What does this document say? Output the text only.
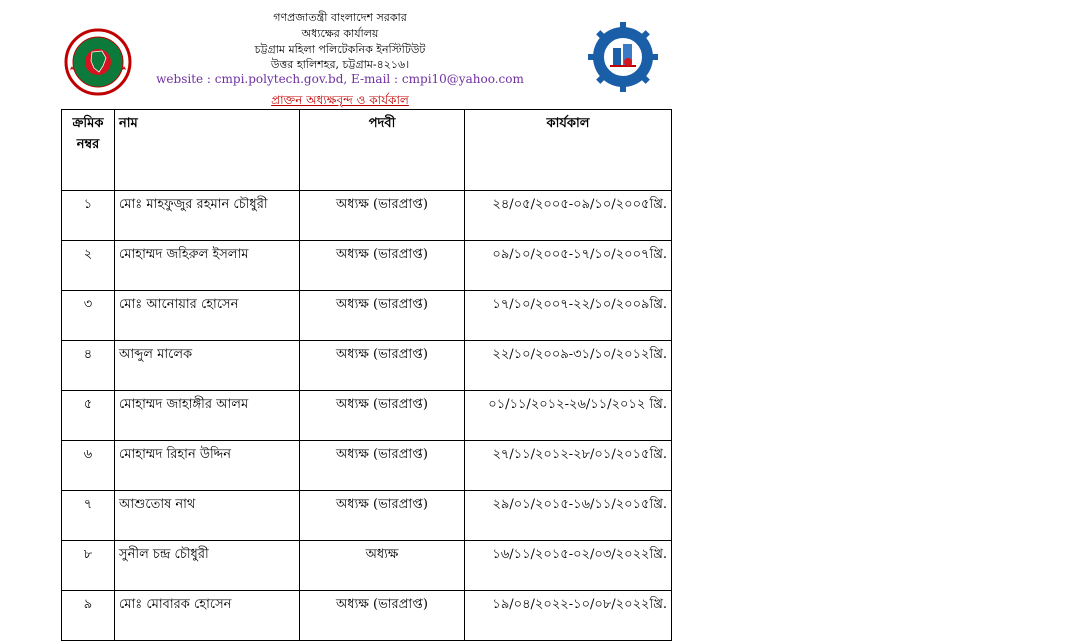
গণপ্রজাতন্ত্রী বাংলাদেশ সরকার
অধ্যক্ষের কার্যালয়
চট্টগ্রাম মহিলা পলিটেকনিক ইনস্টিটিউট
উত্তর হালিশহর, চট্টগ্রাম-৪২১৬।
website : cmpi.polytech.gov.bd, E-mail : cmpi10@yahoo.com
প্রাক্তন অধ্যক্ষবৃন্দ ও কার্যকাল
ক্রমিক নম্বর	নাম	পদবী	কার্যকাল
১	মোঃ মাহফুজুর রহমান চৌধুরী	অধ্যক্ষ (ভারপ্রাপ্ত)	২৪/০৫/২০০৫-০৯/১০/২০০৫খ্রি.
২	মোহাম্মদ জহিরুল ইসলাম	অধ্যক্ষ (ভারপ্রাপ্ত)	০৯/১০/২০০৫-১৭/১০/২০০৭খ্রি.
৩	মোঃ আনোয়ার হোসেন	অধ্যক্ষ (ভারপ্রাপ্ত)	১৭/১০/২০০৭-২২/১০/২০০৯খ্রি.
৪	আব্দুল মালেক	অধ্যক্ষ (ভারপ্রাপ্ত)	২২/১০/২০০৯-৩১/১০/২০১২খ্রি.
৫	মোহাম্মদ জাহাঙ্গীর আলম	অধ্যক্ষ (ভারপ্রাপ্ত)	০১/১১/২০১২-২৬/১১/২০১২ খ্রি.
৬	মোহাম্মদ রিহান উদ্দিন	অধ্যক্ষ (ভারপ্রাপ্ত)	২৭/১১/২০১২-২৮/০১/২০১৫খ্রি.
৭	আশুতোষ নাথ	অধ্যক্ষ (ভারপ্রাপ্ত)	২৯/০১/২০১৫-১৬/১১/২০১৫খ্রি.
৮	সুনীল চন্দ্র চৌধুরী	অধ্যক্ষ	১৬/১১/২০১৫-০২/০৩/২০২২খ্রি.
৯	মোঃ মোবারক হোসেন	অধ্যক্ষ (ভারপ্রাপ্ত)	১৯/০৪/২০২২-১০/০৮/২০২২খ্রি.
